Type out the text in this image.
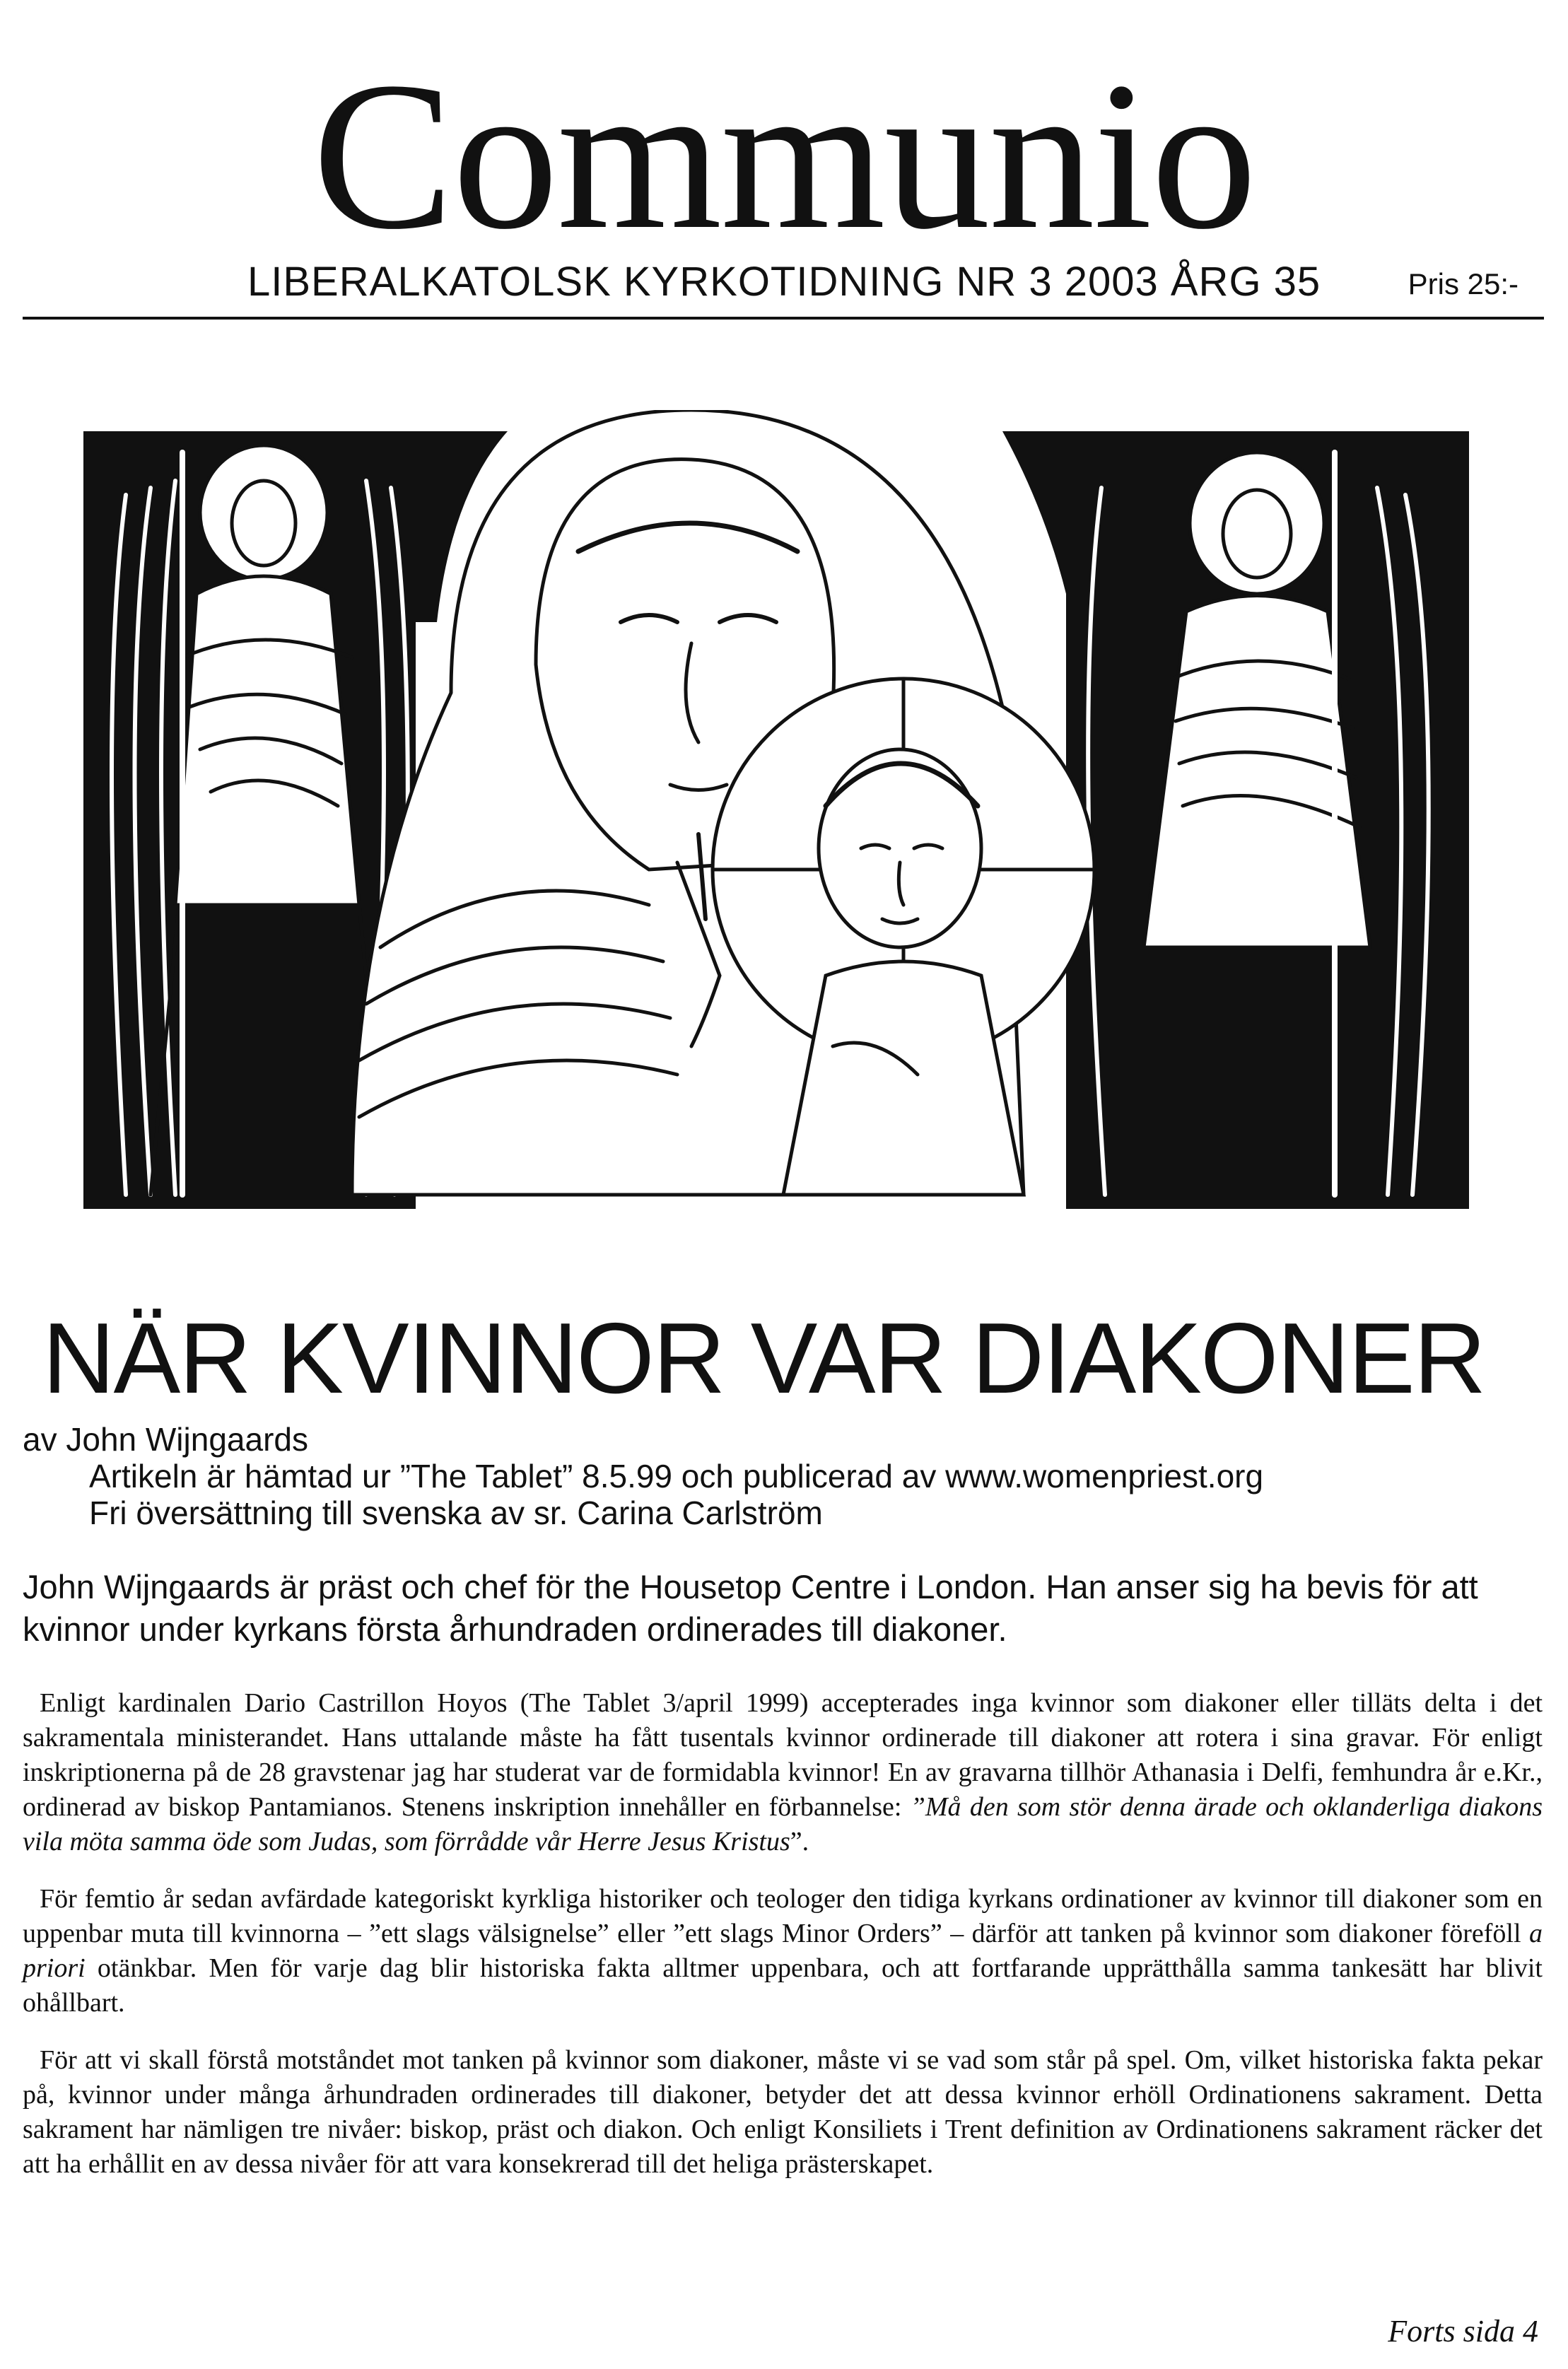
Communio
LIBERALKATOLSK KYRKOTIDNING NR 3 2003 ÅRG 35	Pris 25:-
NÄR KVINNOR VAR DIAKONER
av John Wijngaards
Artikeln är hämtad ur ”The Tablet” 8.5.99 och publicerad av www.womenpriest.org
Fri översättning till svenska av sr. Carina Carlström
John Wijngaards är präst och chef för the Housetop Centre i London. Han anser sig ha bevis för att kvinnor under kyrkans första århundraden ordinerades till diakoner.

Enligt kardinalen Dario Castrillon Hoyos (The Tablet 3/april 1999) accepterades inga kvinnor som diakoner eller tilläts delta i det sakramentala ministerandet. Hans uttalande måste ha fått tusentals kvinnor ordinerade till diakoner att rotera i sina gravar. För enligt inskriptionerna på de 28 gravstenar jag har studerat var de formidabla kvinnor! En av gravarna tillhör Athanasia i Delfi, femhundra år e.Kr., ordinerad av biskop Pantamianos. Stenens inskription innehåller en förbannelse: ”Må den som stör denna ärade och oklanderliga diakons vila möta samma öde som Judas, som förrådde vår Herre Jesus Kristus”.

För femtio år sedan avfärdade kategoriskt kyrkliga historiker och teologer den tidiga kyrkans ordinationer av kvinnor till diakoner som en uppenbar muta till kvinnorna – ”ett slags välsignelse” eller ”ett slags Minor Orders” – därför att tanken på kvinnor som diakoner föreföll a priori otänkbar. Men för varje dag blir historiska fakta alltmer uppenbara, och att fortfarande upprätthålla samma tankesätt har blivit ohållbart.

För att vi skall förstå motståndet mot tanken på kvinnor som diakoner, måste vi se vad som står på spel. Om, vilket historiska fakta pekar på, kvinnor under många århundraden ordinerades till diakoner, betyder det att dessa kvinnor erhöll Ordinationens sakrament. Detta sakrament har nämligen tre nivåer: biskop, präst och diakon. Och enligt Konsiliets i Trent definition av Ordinationens sakrament räcker det att ha erhållit en av dessa nivåer för att vara konsekrerad till det heliga prästerskapet.

Forts sida 4
